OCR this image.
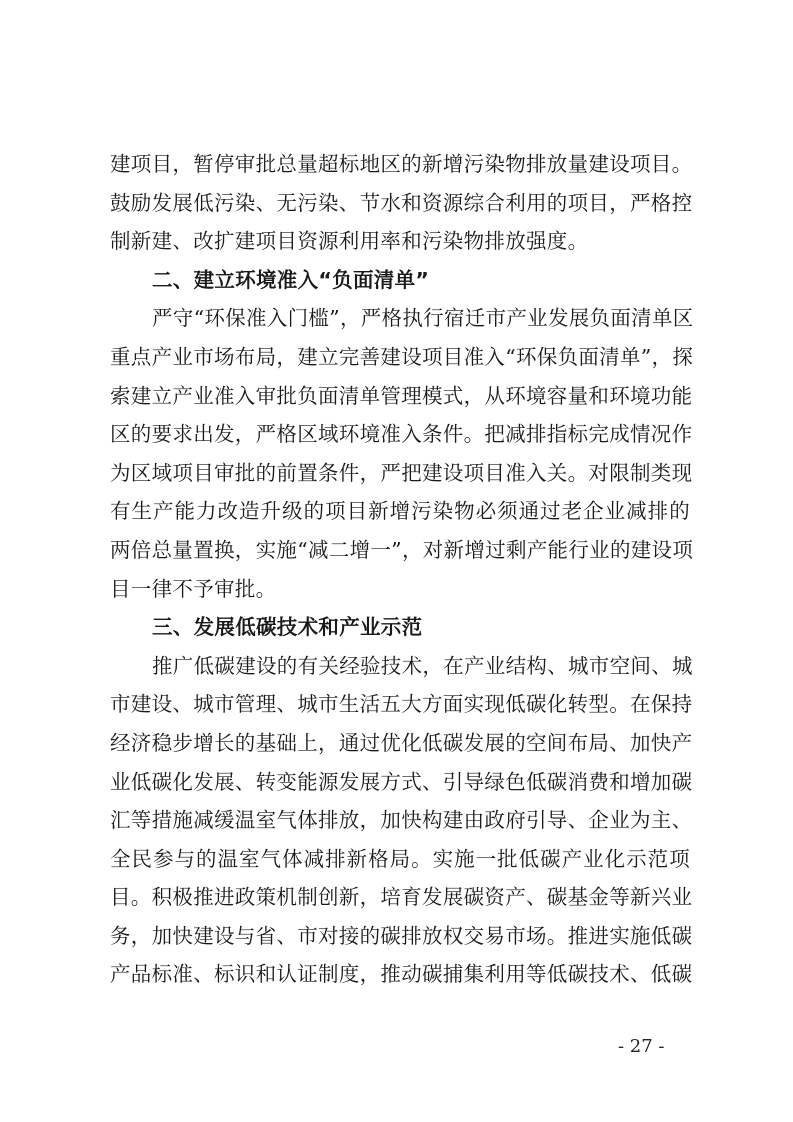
建项目，暂停审批总量超标地区的新增污染物排放量建设项目。
鼓励发展低污染、无污染、节水和资源综合利用的项目，严格控
制新建、改扩建项目资源利用率和污染物排放强度。
二、建立环境准入“负面清单”
严守“环保准入门槛”，严格执行宿迁市产业发展负面清单区
重点产业市场布局，建立完善建设项目准入“环保负面清单”，探
索建立产业准入审批负面清单管理模式，从环境容量和环境功能
区的要求出发，严格区域环境准入条件。把减排指标完成情况作
为区域项目审批的前置条件，严把建设项目准入关。对限制类现
有生产能力改造升级的项目新增污染物必须通过老企业减排的
两倍总量置换，实施“减二增一”，对新增过剩产能行业的建设项
目一律不予审批。
三、发展低碳技术和产业示范
推广低碳建设的有关经验技术，在产业结构、城市空间、城
市建设、城市管理、城市生活五大方面实现低碳化转型。在保持
经济稳步增长的基础上，通过优化低碳发展的空间布局、加快产
业低碳化发展、转变能源发展方式、引导绿色低碳消费和增加碳
汇等措施减缓温室气体排放，加快构建由政府引导、企业为主、
全民参与的温室气体减排新格局。实施一批低碳产业化示范项
目。积极推进政策机制创新，培育发展碳资产、碳基金等新兴业
务，加快建设与省、市对接的碳排放权交易市场。推进实施低碳
产品标准、标识和认证制度，推动碳捕集利用等低碳技术、低碳
- 27 -
